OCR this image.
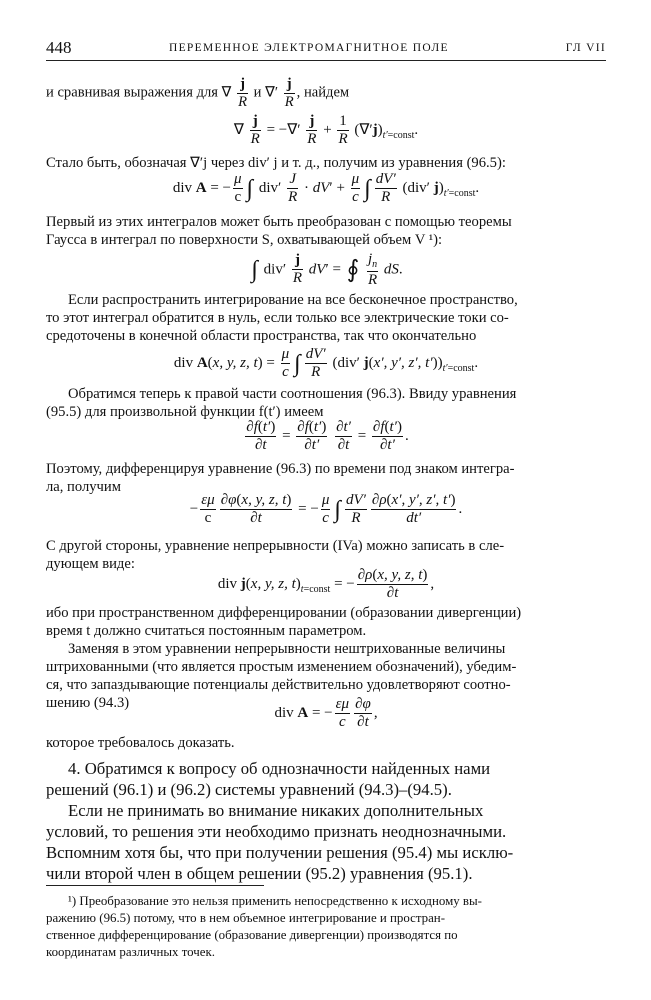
448	ПЕРЕМЕННОЕ ЭЛЕКТРОМАГНИТНОЕ ПОЛЕ	ГЛ VII
и сравнивая выражения для ∇ $\frac{j}{R}$ и ∇′ $\frac{j}{R}$ , найдем
∇ $\frac{j}{R}$ = −∇′ $\frac{j}{R} + \frac{1}{R} (\nabla'j)_{t'=const}$.
Стало быть, обозначая ∇′j через div′ j и т. д., получим из уравнения (96.5):
div A = − $\frac{\mu}{c}$ ∫ $div' \frac{J}{R} \cdot dV' + \frac{\mu}{c}$ ∫ $\frac{dV'}{R} (div'$ $j)_{t'=const}$.
Первый из этих интегралов может быть преобразован с помощью теоремы
Гаусса в интеграл по поверхности S, охватывающей объем V ¹):
∫ $div' \frac{j}{R} dV'$ = ∮ $\frac{j_n}{R}$ dS.
Если распространить интегрирование на все бесконечное пространство,
то этот интеграл обратится в нуль, если только все электрические токи со-
средоточены в конечной области пространства, так что окончательно
div A(x, y, z, $t) = \frac{\mu}{c}$ ∫ $\frac{dV'}{R} (div'$ j(x′, y′, z′, $t'))_{t'=const}$.
Обратимся теперь к правой части соотношения (96.3). Ввиду уравнения
(95.5) для произвольной функции f(t′) имеем
$\frac{\partial f(t')}{\partial t} = \frac{\partial f(t')}{\partial t'}$
$\frac{\partial t'}{\partial t} = \frac{\partial f(t')}{\partial t'}$ .
Поэтому, дифференцируя уравнение (96.3) по времени под знаком интегра-
ла, получим
− $\frac{\varepsilon\mu}{c} \frac{\partial\varphi(x, y, z, t)}{\partial t}$ = − $\frac{\mu}{c}$ ∫ $\frac{dV'}{R} \frac{\partial\rho(x', y', z', t')}{dt'}$ .
С другой стороны, уравнение непрерывности (IVa) можно записать в сле-
дующем виде:
div j(x, y, z, $t)_{t=const}$ = − $\frac{\partial\rho(x, y, z, t)}{\partial t}$ ,
ибо при пространственном дифференцировании (образовании дивергенции)
время t должно считаться постоянным параметром.
Заменяя в этом уравнении непрерывности нештрихованные величины
штрихованными (что является простым изменением обозначений), убедим-
ся, что запаздывающие потенциалы действительно удовлетворяют соотно-
шению (94.3)
div A = − $\frac{\varepsilon\mu}{c} \frac{\partial\varphi}{\partial t}$ ,
которое требовалось доказать.
4. Обратимся к вопросу об однозначности найденных нами
решений (96.1) и (96.2) системы уравнений (94.3)–(94.5).
Если не принимать во внимание никаких дополнительных
условий, то решения эти необходимо признать неоднозначными.
Вспомним хотя бы, что при получении решения (95.4) мы исклю-
чили второй член в общем решении (95.2) уравнения (95.1).
¹) Преобразование это нельзя применить непосредственно к исходному вы-
ражению (96.5) потому, что в нем объемное интегрирование и простран-
ственное дифференцирование (образование дивергенции) производятся по
координатам различных точек.
